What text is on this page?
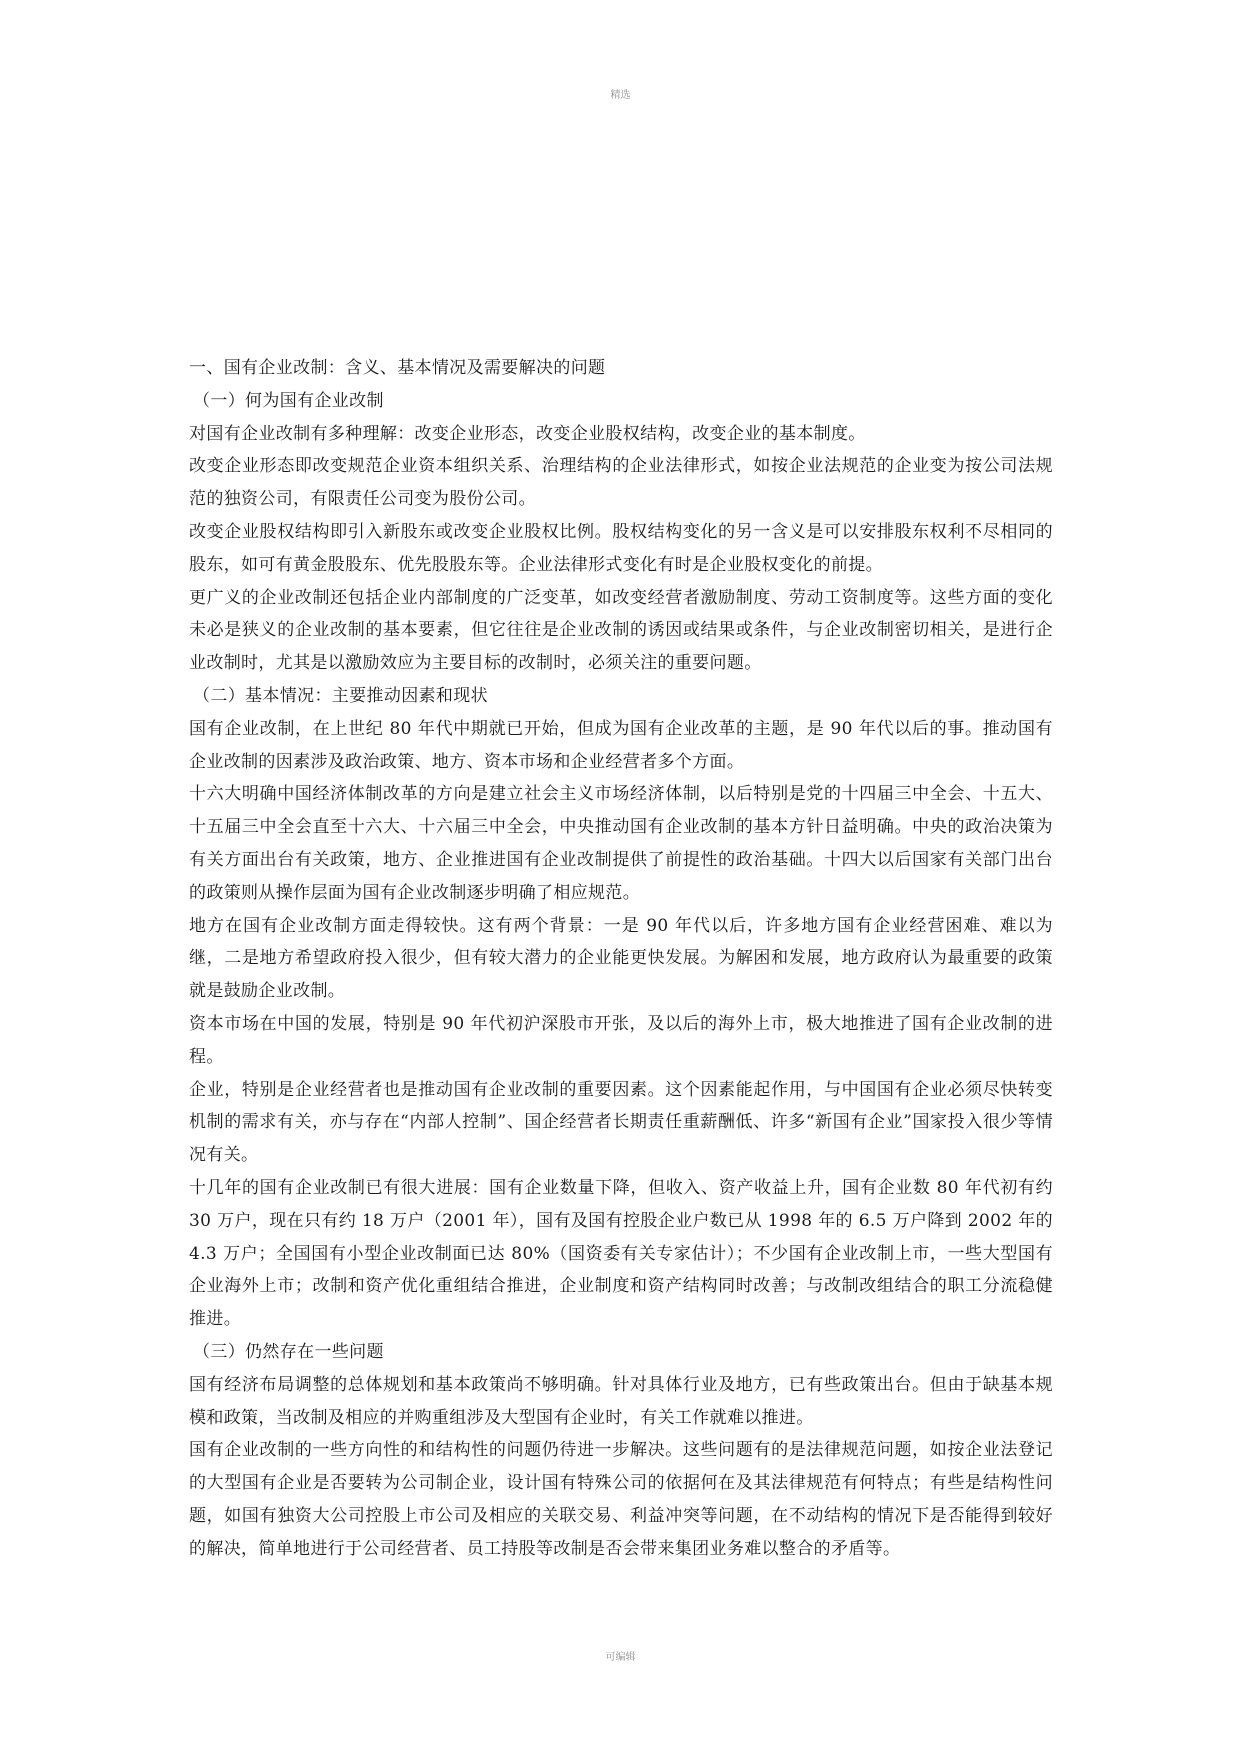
精选

一、国有企业改制：含义、基本情况及需要解决的问题

（一）何为国有企业改制

对国有企业改制有多种理解：改变企业形态，改变企业股权结构，改变企业的基本制度。

改变企业形态即改变规范企业资本组织关系、治理结构的企业法律形式，如按企业法规范的企业变为按公司法规范的独资公司，有限责任公司变为股份公司。

改变企业股权结构即引入新股东或改变企业股权比例。股权结构变化的另一含义是可以安排股东权利不尽相同的股东，如可有黄金股股东、优先股股东等。企业法律形式变化有时是企业股权变化的前提。

更广义的企业改制还包括企业内部制度的广泛变革，如改变经营者激励制度、劳动工资制度等。这些方面的变化未必是狭义的企业改制的基本要素，但它往往是企业改制的诱因或结果或条件，与企业改制密切相关，是进行企业改制时，尤其是以激励效应为主要目标的改制时，必须关注的重要问题。

（二）基本情况：主要推动因素和现状

国有企业改制，在上世纪 80 年代中期就已开始，但成为国有企业改革的主题，是 90 年代以后的事。推动国有企业改制的因素涉及政治政策、地方、资本市场和企业经营者多个方面。

十六大明确中国经济体制改革的方向是建立社会主义市场经济体制，以后特别是党的十四届三中全会、十五大、十五届三中全会直至十六大、十六届三中全会，中央推动国有企业改制的基本方针日益明确。中央的政治决策为有关方面出台有关政策，地方、企业推进国有企业改制提供了前提性的政治基础。十四大以后国家有关部门出台的政策则从操作层面为国有企业改制逐步明确了相应规范。

地方在国有企业改制方面走得较快。这有两个背景：一是 90 年代以后，许多地方国有企业经营困难、难以为继，二是地方希望政府投入很少，但有较大潜力的企业能更快发展。为解困和发展，地方政府认为最重要的政策就是鼓励企业改制。

资本市场在中国的发展，特别是 90 年代初沪深股市开张，及以后的海外上市，极大地推进了国有企业改制的进程。

企业，特别是企业经营者也是推动国有企业改制的重要因素。这个因素能起作用，与中国国有企业必须尽快转变机制的需求有关，亦与存在“内部人控制”、国企经营者长期责任重薪酬低、许多“新国有企业”国家投入很少等情况有关。

十几年的国有企业改制已有很大进展：国有企业数量下降，但收入、资产收益上升，国有企业数 80 年代初有约 30 万户，现在只有约 18 万户（2001 年），国有及国有控股企业户数已从 1998 年的 6.5 万户降到 2002 年的 4.3 万户；全国国有小型企业改制面已达 80%（国资委有关专家估计）；不少国有企业改制上市，一些大型国有企业海外上市；改制和资产优化重组结合推进，企业制度和资产结构同时改善；与改制改组结合的职工分流稳健推进。

（三）仍然存在一些问题

国有经济布局调整的总体规划和基本政策尚不够明确。针对具体行业及地方，已有些政策出台。但由于缺基本规模和政策，当改制及相应的并购重组涉及大型国有企业时，有关工作就难以推进。

国有企业改制的一些方向性的和结构性的问题仍待进一步解决。这些问题有的是法律规范问题，如按企业法登记的大型国有企业是否要转为公司制企业，设计国有特殊公司的依据何在及其法律规范有何特点；有些是结构性问题，如国有独资大公司控股上市公司及相应的关联交易、利益冲突等问题，在不动结构的情况下是否能得到较好的解决，简单地进行于公司经营者、员工持股等改制是否会带来集团业务难以整合的矛盾等。

可编辑
